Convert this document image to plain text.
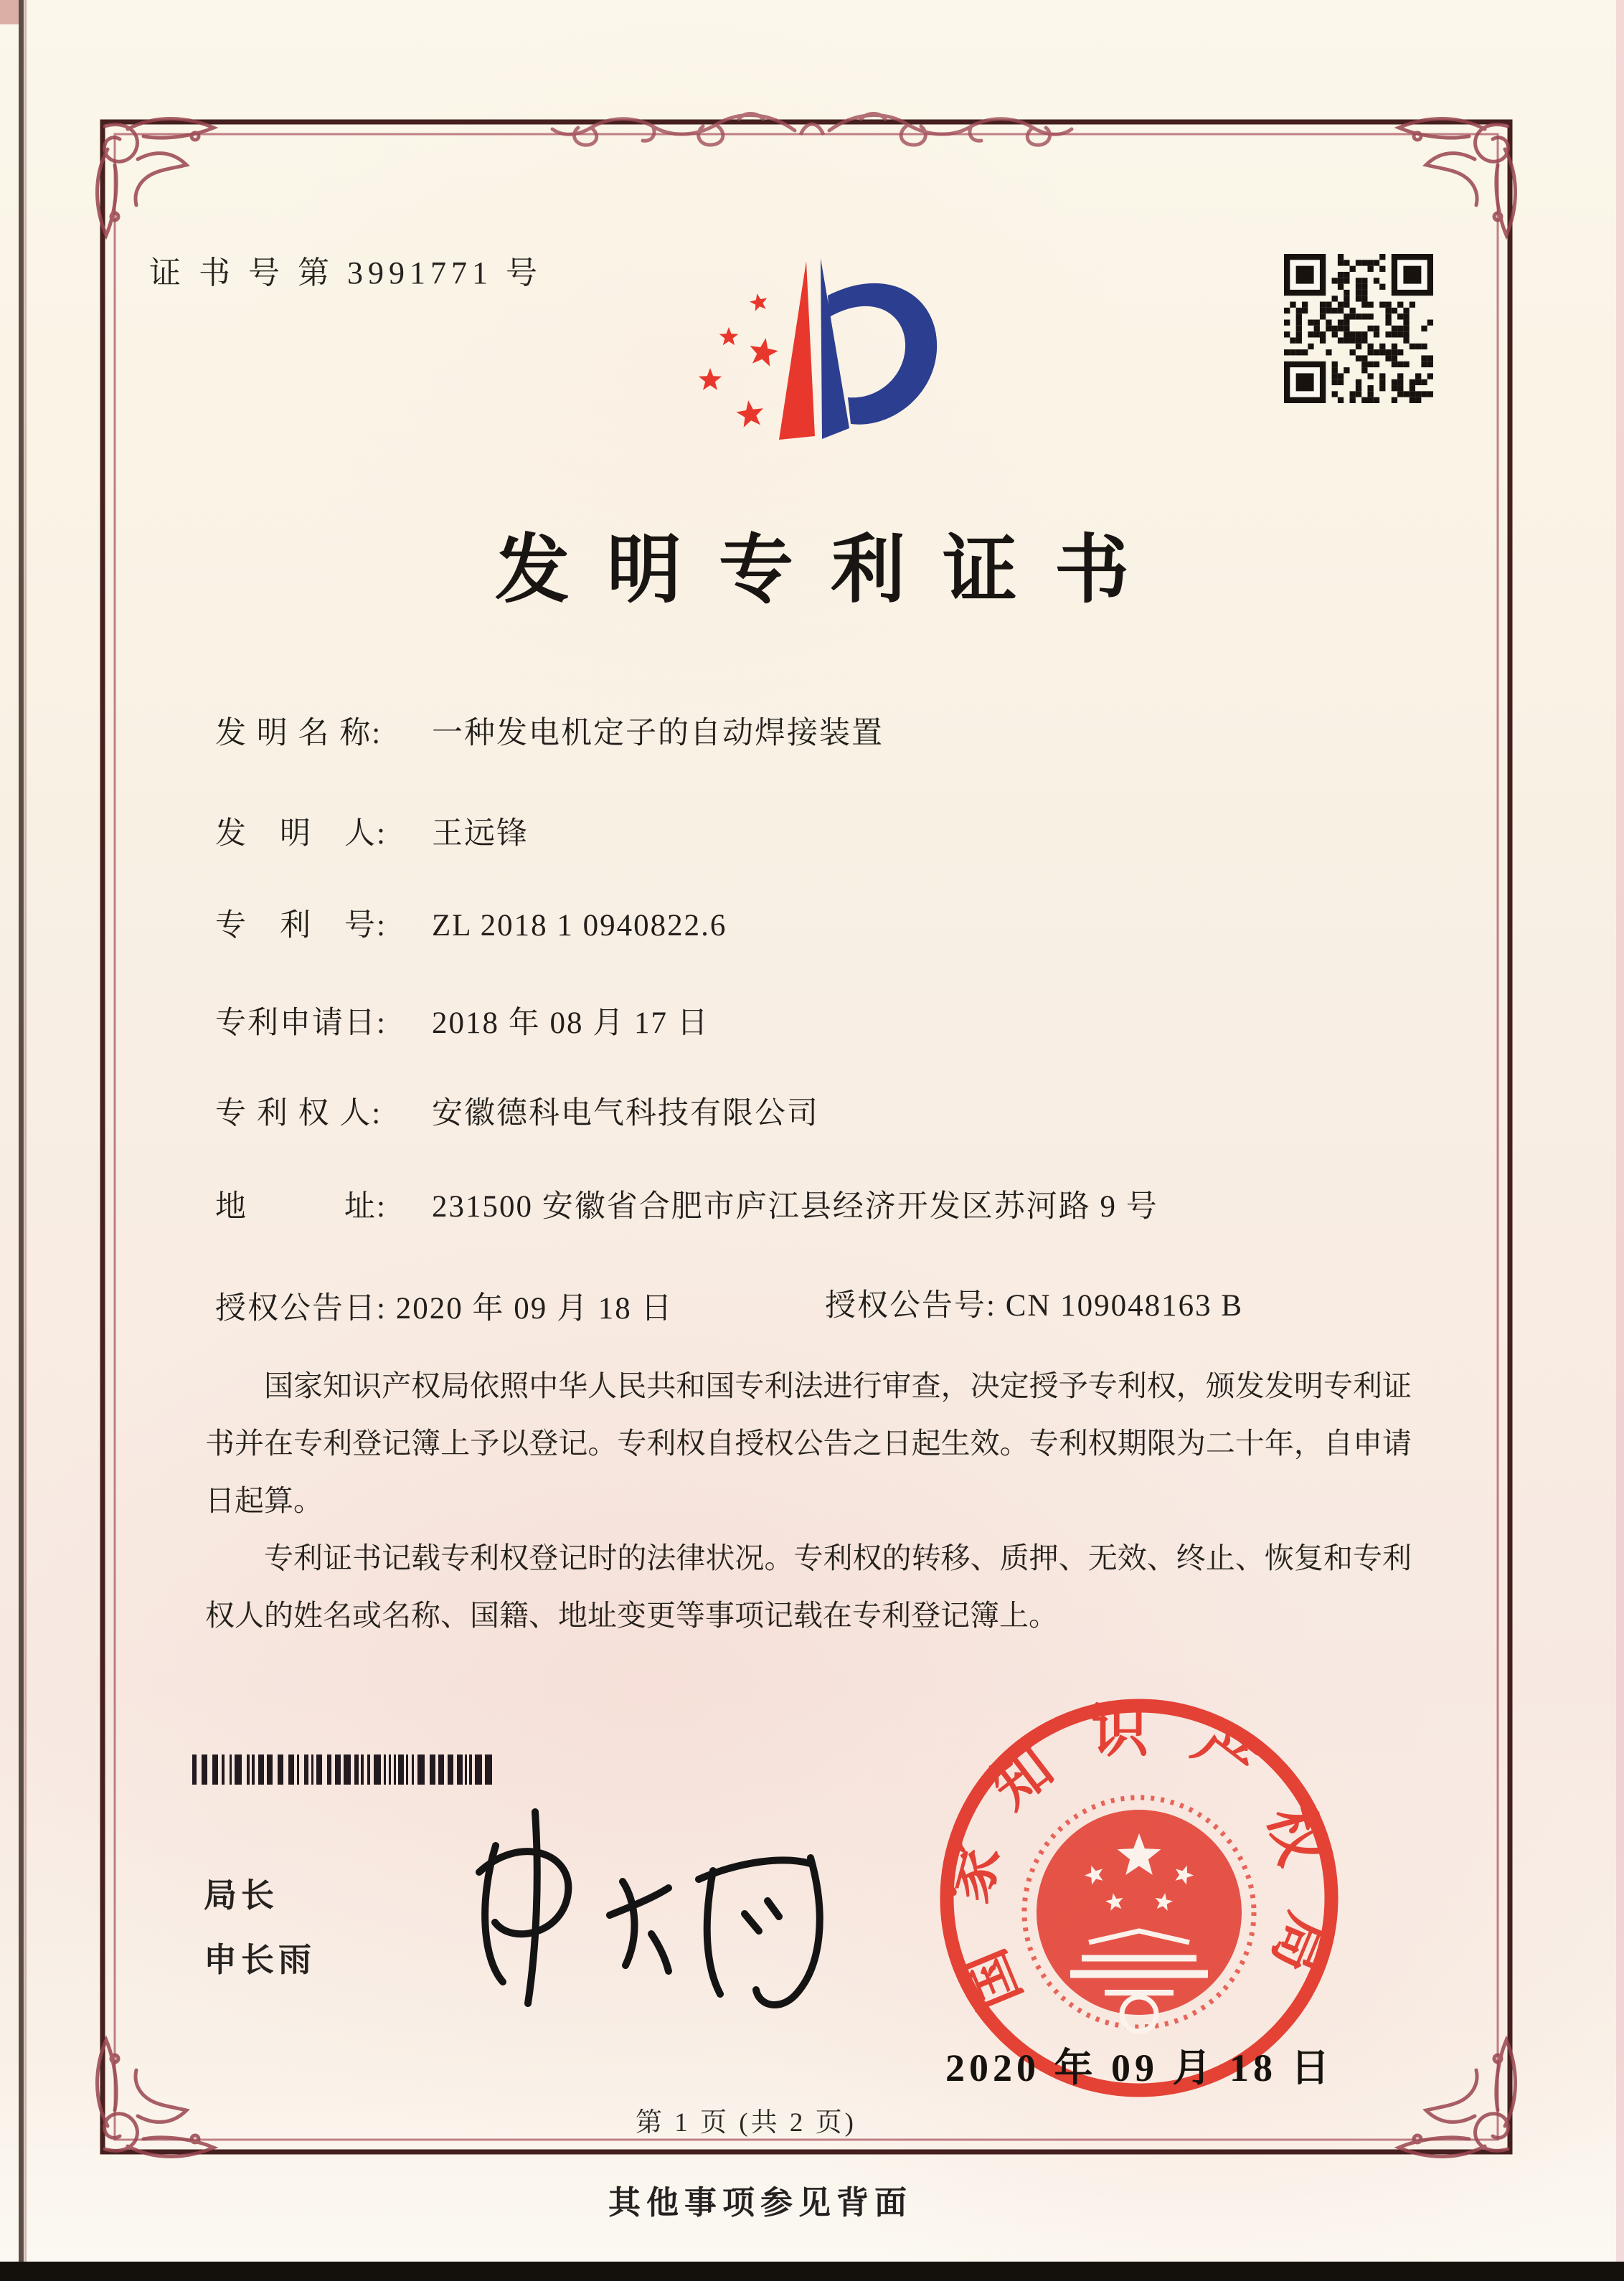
证 书 号 第 3991771 号
发明专利证书
发 明 名 称: 一种发电机定子的自动焊接装置
发　明　人: 王远锋
专　利　号: ZL 2018 1 0940822.6
专利申请日: 2018 年 08 月 17 日
专 利 权 人: 安徽德科电气科技有限公司
地　　　址: 231500 安徽省合肥市庐江县经济开发区苏河路 9 号
授权公告日: 2020 年 09 月 18 日	授权公告号: CN 109048163 B

国家知识产权局依照中华人民共和国专利法进行审查，决定授予专利权，颁发发明专利证书并在专利登记簿上予以登记。专利权自授权公告之日起生效。专利权期限为二十年，自申请日起算。

专利证书记载专利权登记时的法律状况。专利权的转移、质押、无效、终止、恢复和专利权人的姓名或名称、国籍、地址变更等事项记载在专利登记簿上。

局长
申长雨	国家知识产权局
2020 年 09 月 18 日
第 1 页 (共 2 页)
其他事项参见背面
